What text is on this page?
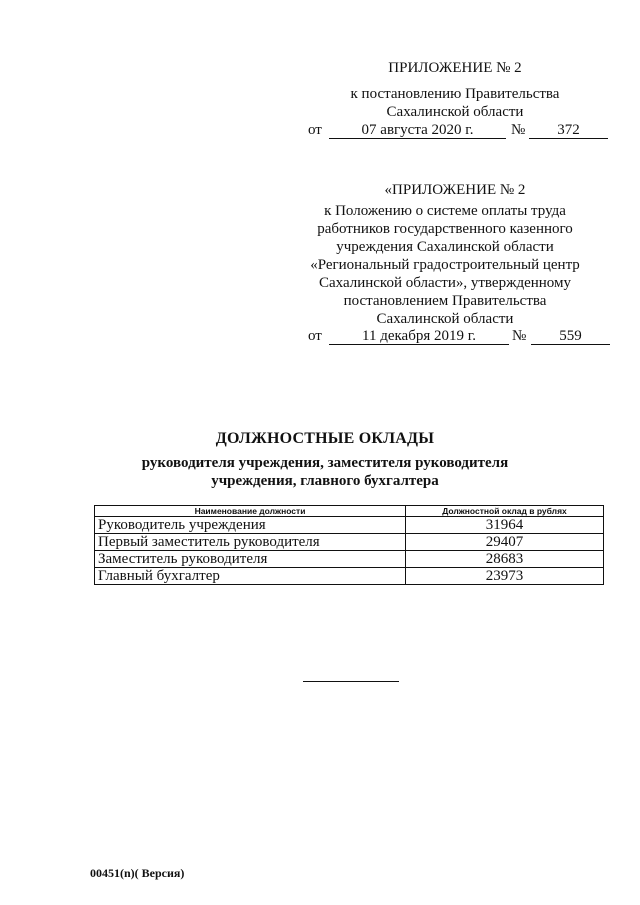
ПРИЛОЖЕНИЕ № 2
к постановлению Правительства
Сахалинской области
от	07 августа 2020 г.	№	372
«ПРИЛОЖЕНИЕ № 2
к Положению о системе оплаты труда
работников государственного казенного
учреждения Сахалинской области
«Региональный градостроительный центр
Сахалинской области», утвержденному
постановлением Правительства
Сахалинской области
от	11 декабря 2019 г.	№	559
ДОЛЖНОСТНЫЕ ОКЛАДЫ
руководителя учреждения, заместителя руководителя
учреждения, главного бухгалтера
Наименование должности	Должностной оклад в рублях
Руководитель учреждения	31964
Первый заместитель руководителя	29407
Заместитель руководителя	28683
Главный бухгалтер	23973
00451(n)( Версия)
